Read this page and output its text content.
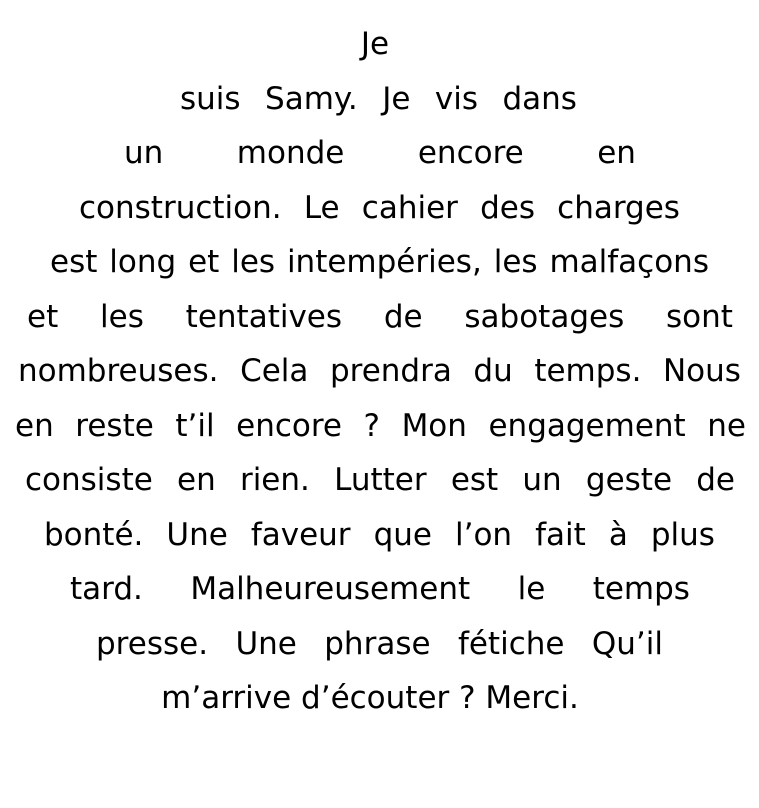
Je
suis Samy. Je vis dans
un monde encore en
construction. Le cahier des charges
est long et les intempéries, les malfaçons
et les tentatives de sabotages sont
nombreuses. Cela prendra du temps. Nous
en reste t’il encore ? Mon engagement ne
consiste en rien. Lutter est un geste de
bonté. Une faveur que l’on fait à plus
tard. Malheureusement le temps
presse. Une phrase fétiche Qu’il
m’arrive d’écouter ? Merci.
